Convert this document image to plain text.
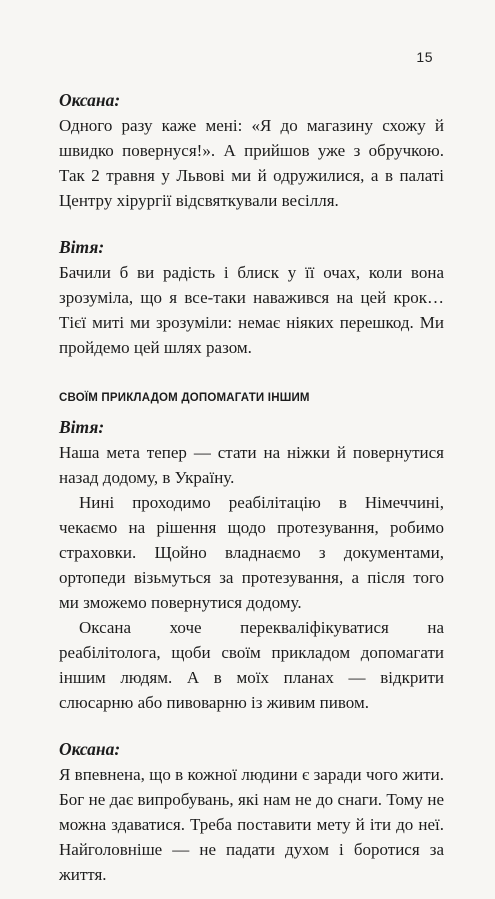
15

Оксана:

Одного разу каже мені: «Я до магазину схожу й швидко повернуся!». А прийшов уже з обручкою. Так 2 травня у Львові ми й одружилися, а в палаті Центру хірургії відсвяткували весілля.

Вітя:

Бачили б ви радість і блиск у її очах, коли вона зрозуміла, що я все-таки наважився на цей крок… Тієї миті ми зрозуміли: немає ніяких перешкод. Ми пройдемо цей шлях разом.

СВОЇМ ПРИКЛАДОМ ДОПОМАГАТИ ІНШИМ

Вітя:

Наша мета тепер — стати на ніжки й повернутися назад додому, в Україну.

Нині проходимо реабілітацію в Німеччині, чекаємо на рішення щодо протезування, робимо страховки. Щойно владнаємо з документами, ортопеди візьмуться за протезування, а після того ми зможемо повернутися додому.

Оксана хоче перекваліфікуватися на реабілітолога, щоби своїм прикладом допомагати іншим людям. А в моїх планах — відкрити слюсарню або пивоварню із живим пивом.

Оксана:

Я впевнена, що в кожної людини є заради чого жити. Бог не дає випробувань, які нам не до снаги. Тому не можна здаватися. Треба поставити мету й іти до неї. Найголовніше — не падати духом і боротися за життя.
